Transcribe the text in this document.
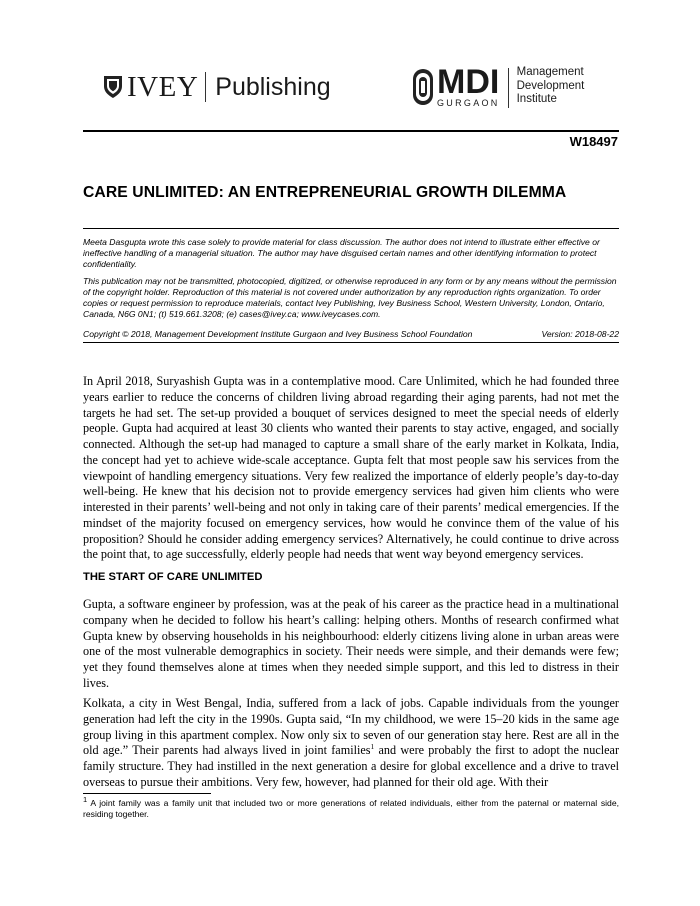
IVEY Publishing	MDI
GURGAON
Management
Development
Institute
W18497
CARE UNLIMITED: AN ENTREPRENEURIAL GROWTH DILEMMA
Meeta Dasgupta wrote this case solely to provide material for class discussion. The author does not intend to illustrate either effective or ineffective handling of a managerial situation. The author may have disguised certain names and other identifying information to protect confidentiality.
This publication may not be transmitted, photocopied, digitized, or otherwise reproduced in any form or by any means without the permission of the copyright holder. Reproduction of this material is not covered under authorization by any reproduction rights organization. To order copies or request permission to reproduce materials, contact Ivey Publishing, Ivey Business School, Western University, London, Ontario, Canada, N6G 0N1; (t) 519.661.3208; (e) cases@ivey.ca; www.iveycases.com.
Copyright © 2018, Management Development Institute Gurgaon and Ivey Business School Foundation	Version: 2018-08-22
In April 2018, Suryashish Gupta was in a contemplative mood. Care Unlimited, which he had founded three years earlier to reduce the concerns of children living abroad regarding their aging parents, had not met the targets he had set. The set-up provided a bouquet of services designed to meet the special needs of elderly people. Gupta had acquired at least 30 clients who wanted their parents to stay active, engaged, and socially connected. Although the set-up had managed to capture a small share of the early market in Kolkata, India, the concept had yet to achieve wide-scale acceptance. Gupta felt that most people saw his services from the viewpoint of handling emergency situations. Very few realized the importance of elderly people’s day-to-day well-being. He knew that his decision not to provide emergency services had given him clients who were interested in their parents’ well-being and not only in taking care of their parents’ medical emergencies. If the mindset of the majority focused on emergency services, how would he convince them of the value of his proposition? Should he consider adding emergency services? Alternatively, he could continue to drive across the point that, to age successfully, elderly people had needs that went way beyond emergency services.
THE START OF CARE UNLIMITED
Gupta, a software engineer by profession, was at the peak of his career as the practice head in a multinational company when he decided to follow his heart’s calling: helping others. Months of research confirmed what Gupta knew by observing households in his neighbourhood: elderly citizens living alone in urban areas were one of the most vulnerable demographics in society. Their needs were simple, and their demands were few; yet they found themselves alone at times when they needed simple support, and this led to distress in their lives.
Kolkata, a city in West Bengal, India, suffered from a lack of jobs. Capable individuals from the younger generation had left the city in the 1990s. Gupta said, “In my childhood, we were 15–20 kids in the same age group living in this apartment complex. Now only six to seven of our generation stay here. Rest are all in the old age.” Their parents had always lived in joint families$^1$ and were probably the first to adopt the nuclear family structure. They had instilled in the next generation a desire for global excellence and a drive to travel overseas to pursue their ambitions. Very few, however, had planned for their old age. With their
$^1$ A joint family was a family unit that included two or more generations of related individuals, either from the paternal or maternal side, residing together.
